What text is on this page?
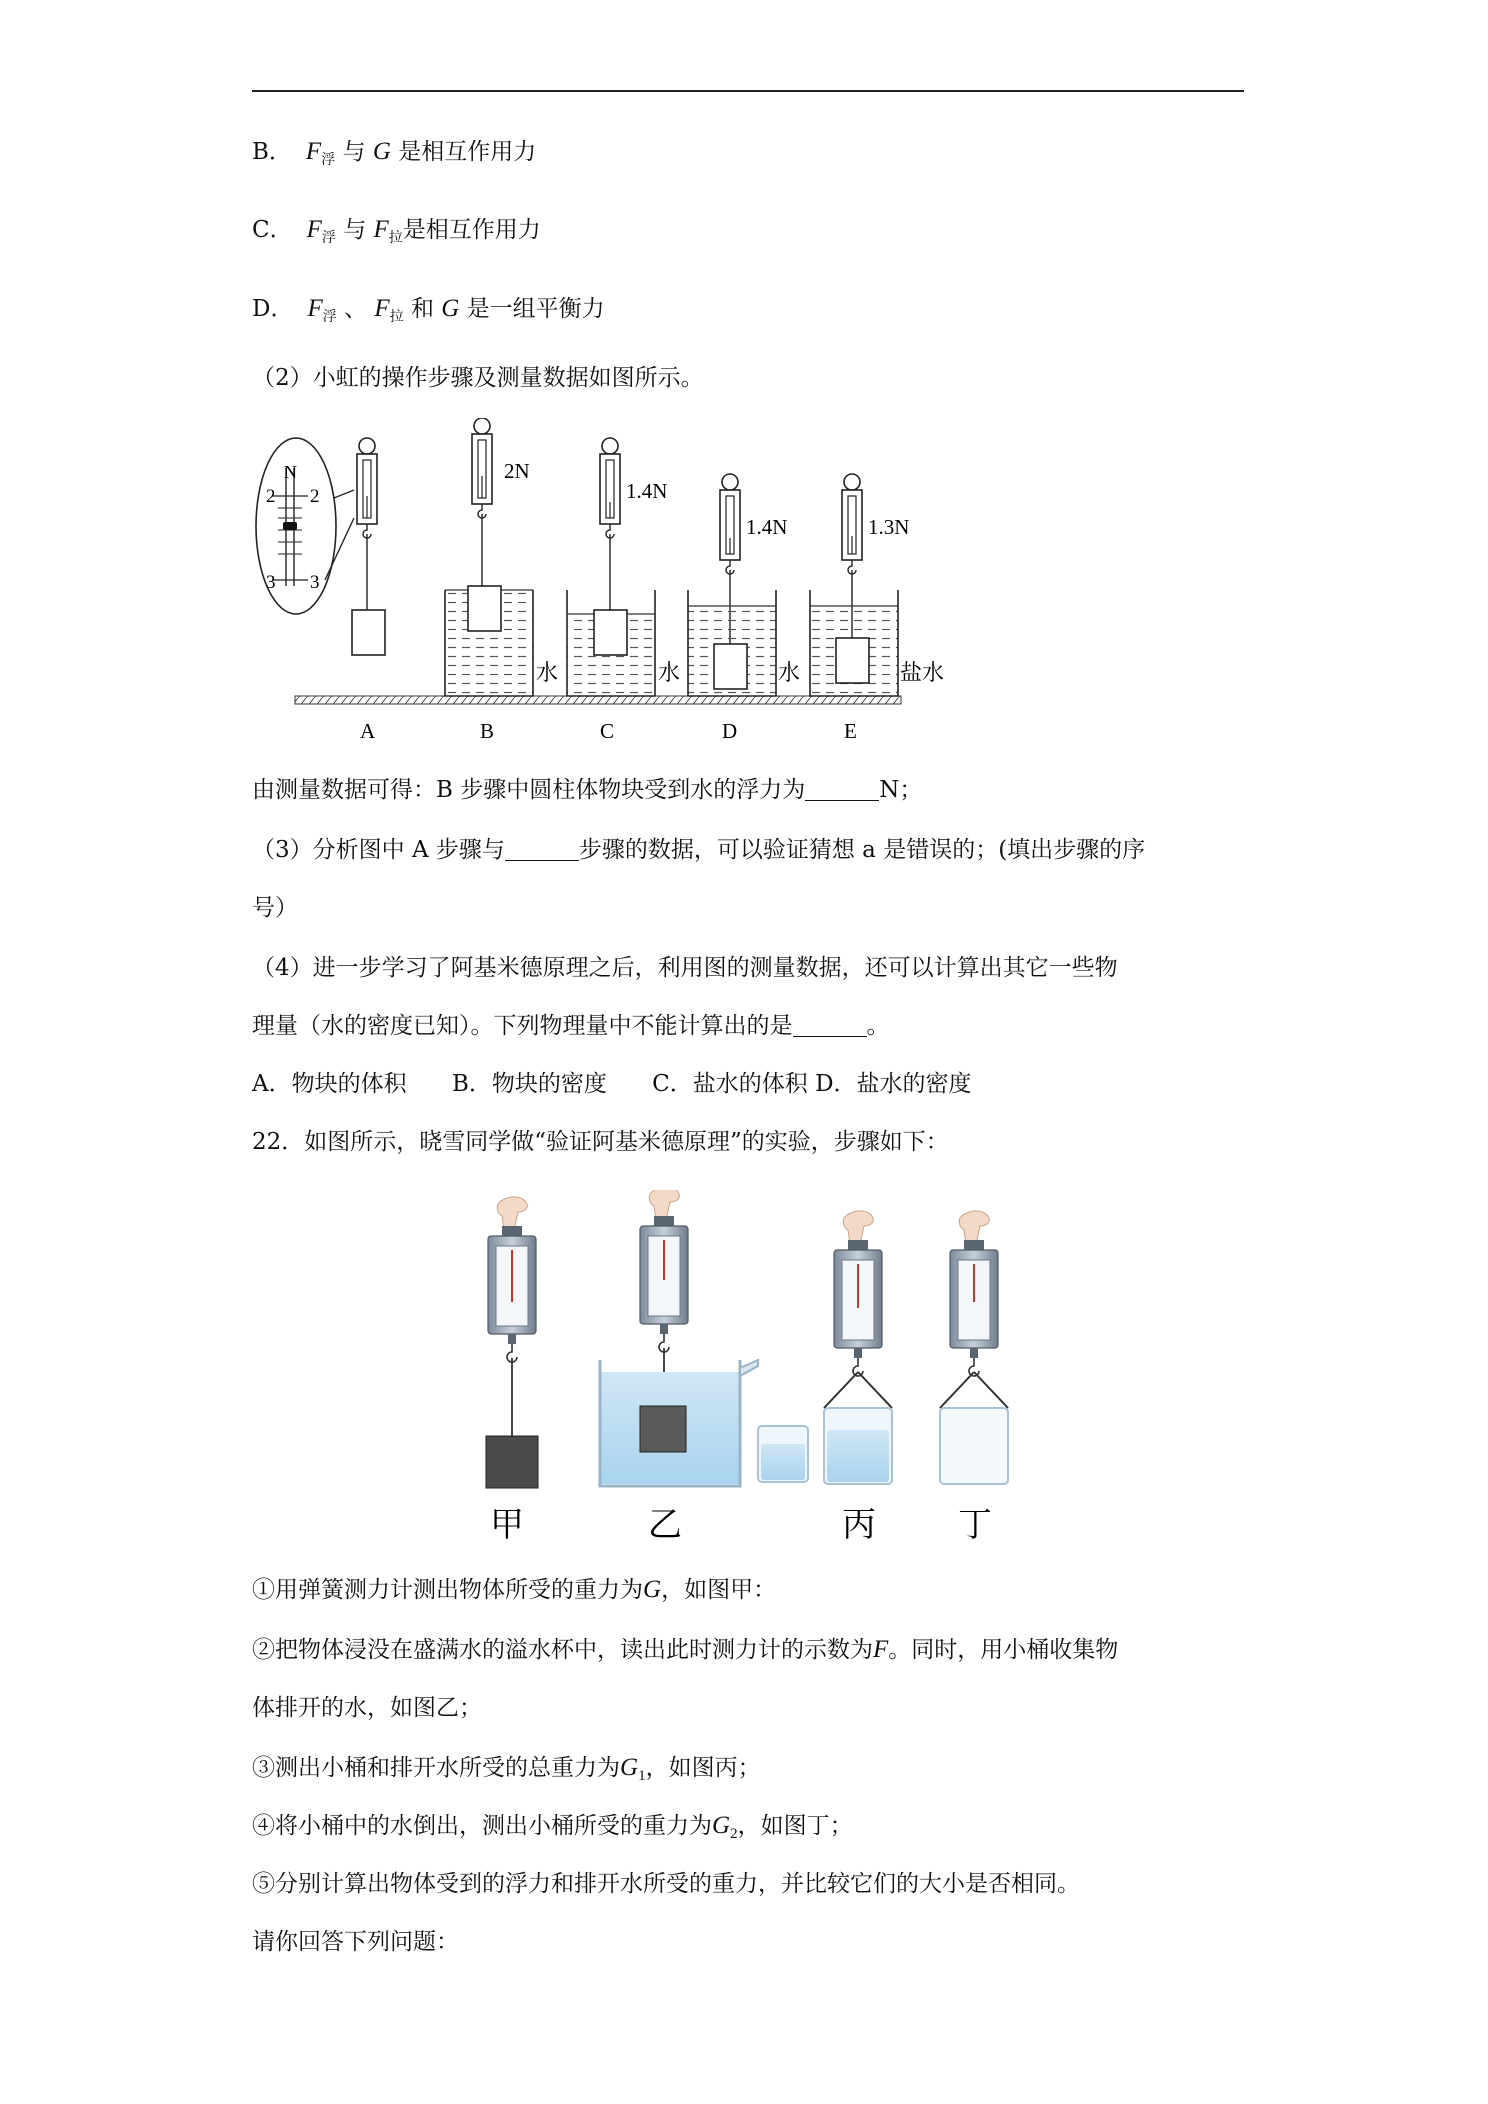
B． $F_浮$ 与 G 是相互作用力
C． $F_浮$ 与 $F_拉$是相互作用力
D． $F_浮$ 、 $F_拉$ 和 G 是一组平衡力
（2）小虹的操作步骤及测量数据如图所示。
2
N
2
3 3
2N
水
1.4N
水
1.4N
水
1.3N
盐水
A	B	C	D	E
由测量数据可得：B 步骤中圆柱体物块受到水的浮力为	N；
（3）分析图中 A 步骤与	步骤的数据，可以验证猜想 a 是错误的；(填出步骤的序
号）
（4）进一步学习了阿基米德原理之后，利用图的测量数据，还可以计算出其它一些物
理量（水的密度已知）。下列物理量中不能计算出的是	。
A．物块的体积 B．物块的密度 C．盐水的体积 D．盐水的密度
22．如图所示，晓雪同学做“验证阿基米德原理”的实验，步骤如下：
甲	乙	丙 丁
①用弹簧测力计测出物体所受的重力为G，如图甲：
②把物体浸没在盛满水的溢水杯中，读出此时测力计的示数为F。同时，用小桶收集物
体排开的水，如图乙；
③测出小桶和排开水所受的总重力为$G_1$，如图丙；
④将小桶中的水倒出，测出小桶所受的重力为$G_2$，如图丁；
⑤分别计算出物体受到的浮力和排开水所受的重力，并比较它们的大小是否相同。
请你回答下列问题：
